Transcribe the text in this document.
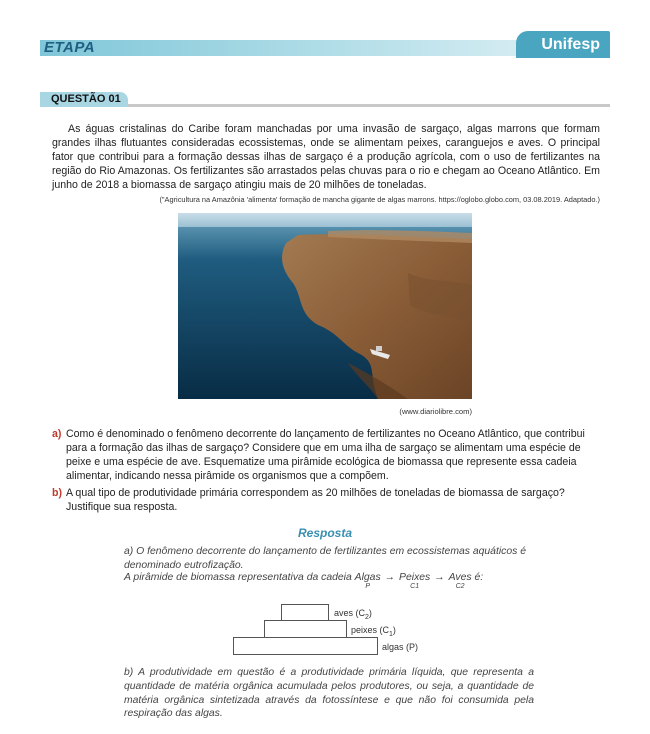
ETAPA	Unifesp
QUESTÃO 01

As águas cristalinas do Caribe foram manchadas por uma invasão de sargaço, algas marrons que formam grandes ilhas flutuantes consideradas ecossistemas, onde se alimentam peixes, caranguejos e aves. O principal fator que contribui para a formação dessas ilhas de sargaço é a produção agrícola, com o uso de fertilizantes na região do Rio Amazonas. Os fertilizantes são arrastados pelas chuvas para o rio e chegam ao Oceano Atlântico. Em junho de 2018 a biomassa de sargaço atingiu mais de 20 milhões de toneladas.

("Agricultura na Amazônia 'alimenta' formação de mancha gigante de algas marrons. https://oglobo.globo.com, 03.08.2019. Adaptado.)
(www.diariolibre.com)
a) Como é denominado o fenômeno decorrente do lançamento de fertilizantes no Oceano Atlântico, que contribui para a formação das ilhas de sargaço? Considere que em uma ilha de sargaço se alimentam uma espécie de peixe e uma espécie de ave. Esquematize uma pirâmide ecológica de biomassa que represente essa cadeia alimentar, indicando nessa pirâmide os organismos que a compõem.

b) A qual tipo de produtividade primária correspondem as 20 milhões de toneladas de biomassa de sargaço? Justifique sua resposta.

Resposta

a) O fenômeno decorrente do lançamento de fertilizantes em ecossistemas aquáticos é denominado eutrofização.

A pirâmide de biomassa representativa da cadeia Algas
P
→ Peixes
C1
→ Aves
C2
é:
aves $(C_2)$
peixes $(C_1)$
algas (P)

b) A produtividade em questão é a produtividade primária líquida, que representa a quantidade de matéria orgânica acumulada pelos produtores, ou seja, a quantidade de matéria orgânica sintetizada através da fotossíntese e que não foi consumida pela respiração das algas.
